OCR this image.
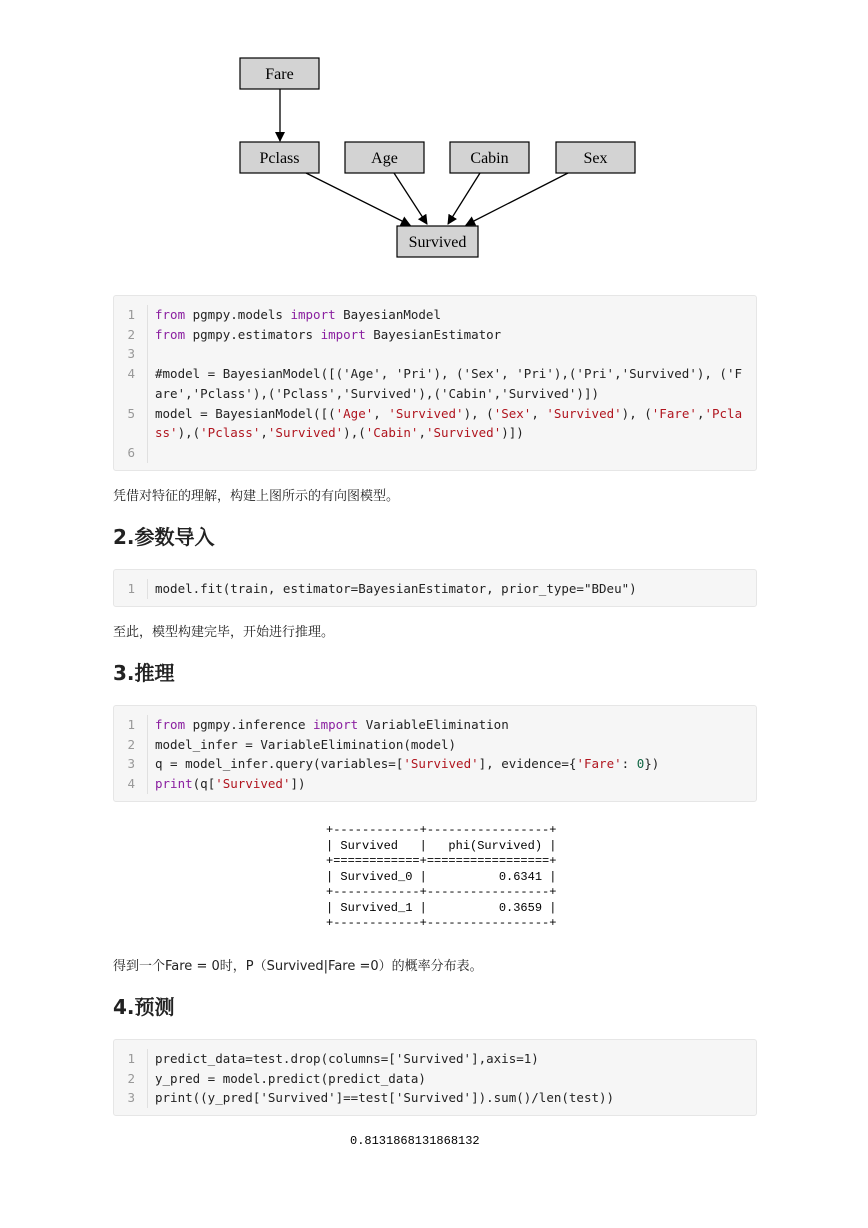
Fare
Pclass	Age	Cabin	Sex
Survived
1	from pgmpy.models import BayesianModel
2	from pgmpy.estimators import BayesianEstimator
3

4	#model = BayesianModel([('Age', 'Pri'), ('Sex', 'Pri'),('Pri','Survived'), ('Fare','Pclass'),('Pclass','Survived'),('Cabin','Survived')])
5	model = BayesianModel([('Age', 'Survived'), ('Sex', 'Survived'), ('Fare','Pclass'),('Pclass','Survived'),('Cabin','Survived')])
6

凭借对特征的理解，构建上图所示的有向图模型。
2.参数导入
1	model.fit(train, estimator=BayesianEstimator, prior_type="BDeu")
至此，模型构建完毕，开始进行推理。
3.推理
1	from pgmpy.inference import VariableElimination
2	model_infer = VariableElimination(model)
3	q = model_infer.query(variables=['Survived'], evidence={'Fare': 0})
4	print(q['Survived'])
+------------+-----------------+
| Survived   |   phi(Survived) |
+============+=================+
| Survived_0 |          0.6341 |
+------------+-----------------+
| Survived_1 |          0.3659 |
+------------+-----------------+
得到一个Fare = 0时，P（Survived|Fare =0）的概率分布表。
4.预测
1	predict_data=test.drop(columns=['Survived'],axis=1)
2	y_pred = model.predict(predict_data)
3	print((y_pred['Survived']==test['Survived']).sum()/len(test))
0.8131868131868132
